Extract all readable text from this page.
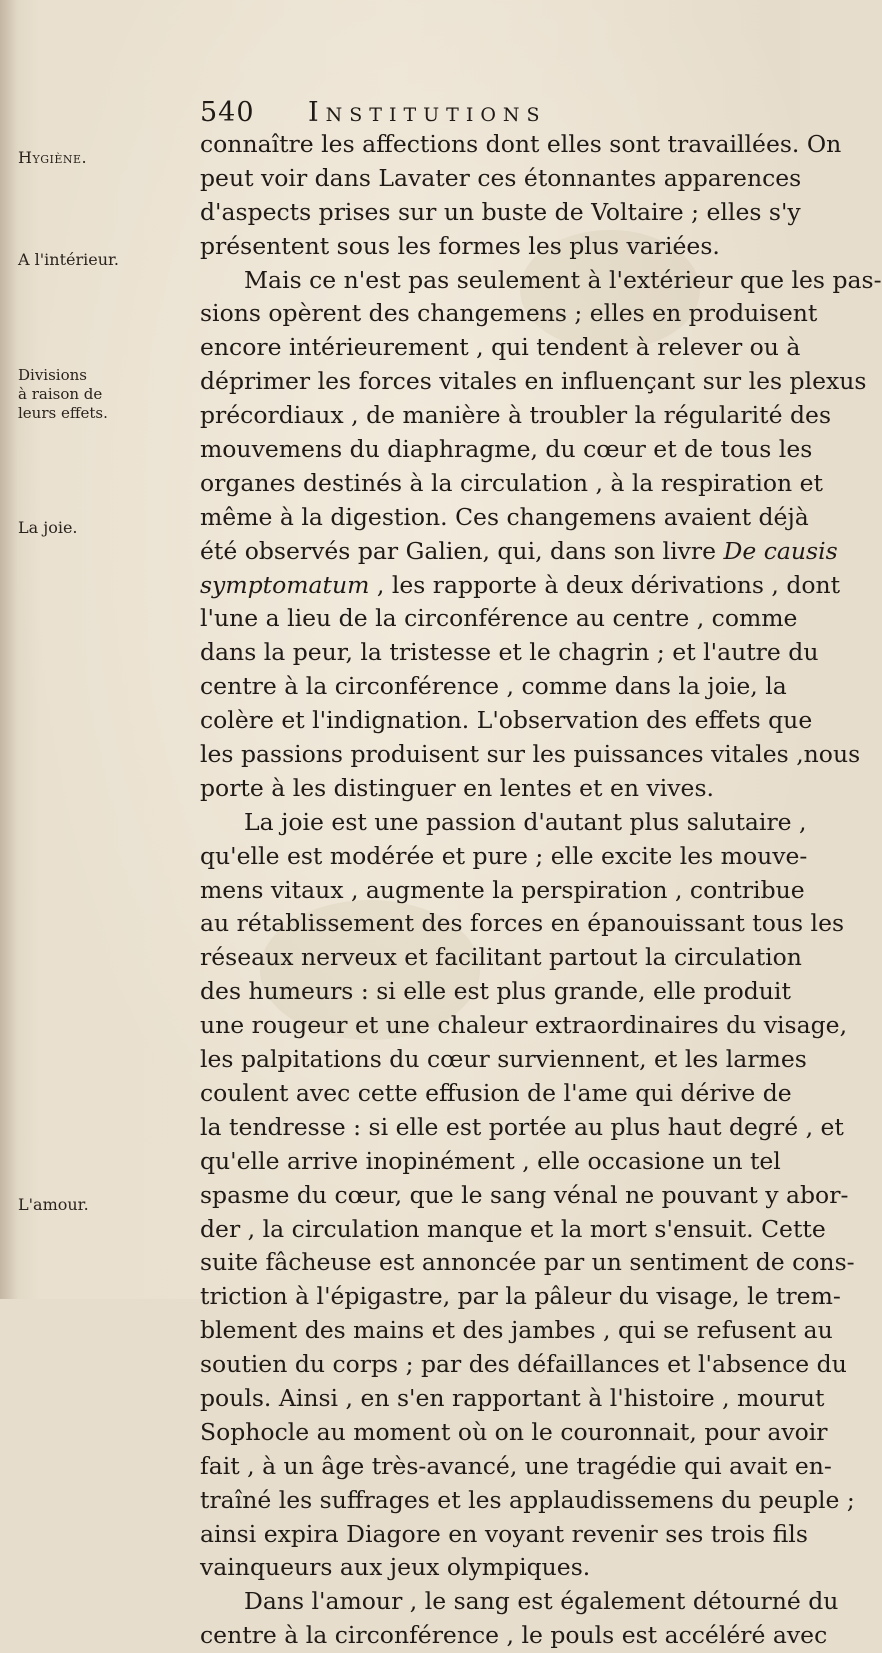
540 Institutions
Hygiène.
A l'intérieur.
Divisions
à raison de
leurs effets.
La joie.
L'amour.
connaître les affections dont elles sont travaillées. On
peut voir dans Lavater ces étonnantes apparences
d'aspects prises sur un buste de Voltaire ; elles s'y
présentent sous les formes les plus variées.
Mais ce n'est pas seulement à l'extérieur que les pas-
sions opèrent des changemens ; elles en produisent
encore intérieurement , qui tendent à relever ou à
déprimer les forces vitales en influençant sur les plexus
précordiaux , de manière à troubler la régularité des
mouvemens du diaphragme, du cœur et de tous les
organes destinés à la circulation , à la respiration et
même à la digestion. Ces changemens avaient déjà
été observés par Galien, qui, dans son livre De causis
symptomatum , les rapporte à deux dérivations , dont
l'une a lieu de la circonférence au centre , comme
dans la peur, la tristesse et le chagrin ; et l'autre du
centre à la circonférence , comme dans la joie, la
colère et l'indignation. L'observation des effets que
les passions produisent sur les puissances vitales ,nous
porte à les distinguer en lentes et en vives.
La joie est une passion d'autant plus salutaire ,
qu'elle est modérée et pure ; elle excite les mouve-
mens vitaux , augmente la perspiration , contribue
au rétablissement des forces en épanouissant tous les
réseaux nerveux et facilitant partout la circulation
des humeurs : si elle est plus grande, elle produit
une rougeur et une chaleur extraordinaires du visage,
les palpitations du cœur surviennent, et les larmes
coulent avec cette effusion de l'ame qui dérive de
la tendresse : si elle est portée au plus haut degré , et
qu'elle arrive inopinément , elle occasione un tel
spasme du cœur, que le sang vénal ne pouvant y abor-
der , la circulation manque et la mort s'ensuit. Cette
suite fâcheuse est annoncée par un sentiment de cons-
triction à l'épigastre, par la pâleur du visage, le trem-
blement des mains et des jambes , qui se refusent au
soutien du corps ; par des défaillances et l'absence du
pouls. Ainsi , en s'en rapportant à l'histoire , mourut
Sophocle au moment où on le couronnait, pour avoir
fait , à un âge très-avancé, une tragédie qui avait en-
traîné les suffrages et les applaudissemens du peuple ;
ainsi expira Diagore en voyant revenir ses trois fils
vainqueurs aux jeux olympiques.
Dans l'amour , le sang est également détourné du
centre à la circonférence , le pouls est accéléré avec
